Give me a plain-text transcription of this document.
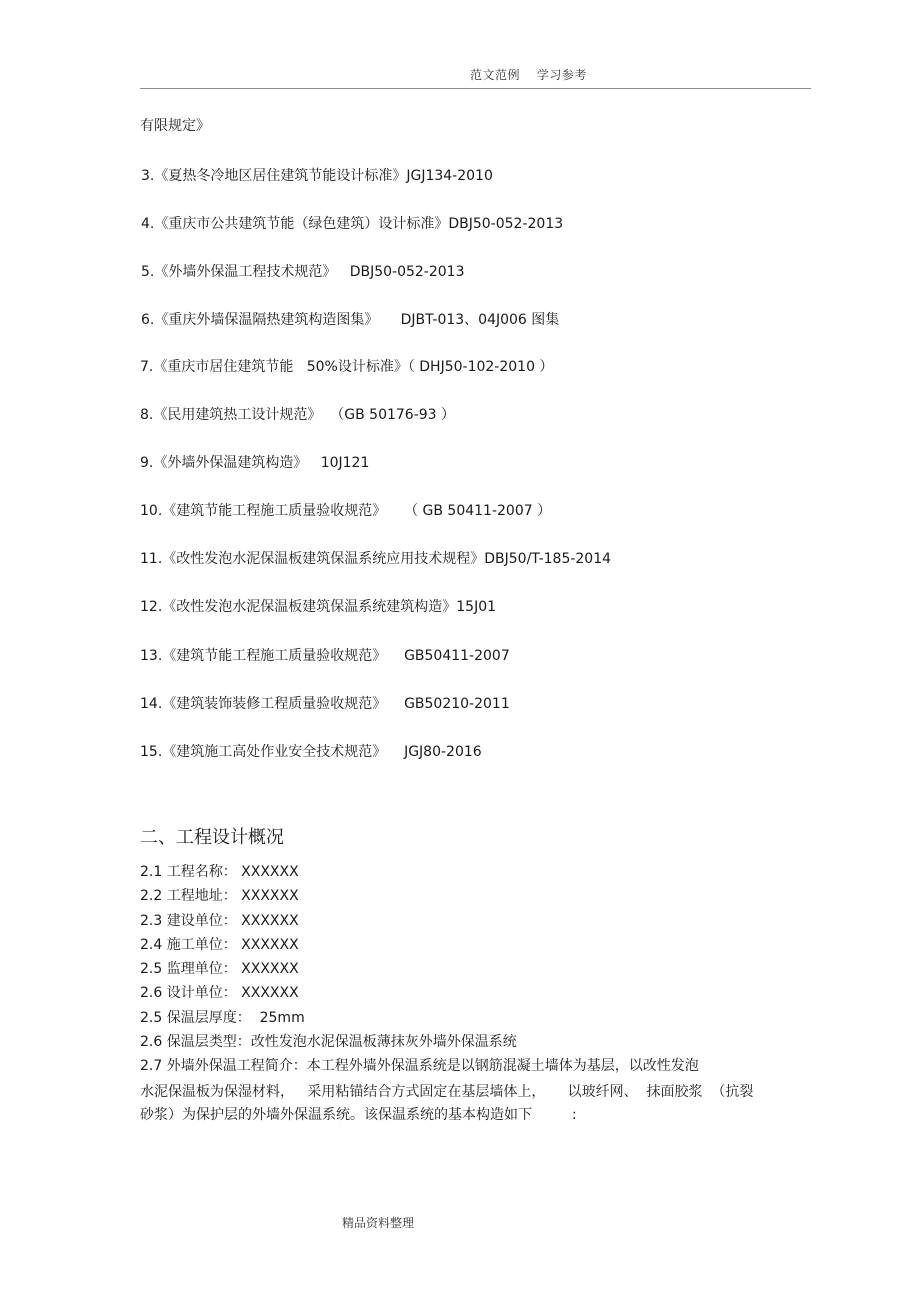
范文范例　 学习参考
有限规定》
3.《夏热冬冷地区居住建筑节能设计标准》JGJ134-2010
4.《重庆市公共建筑节能（绿色建筑）设计标准》DBJ50-052-2013
5.《外墙外保温工程技术规范》   DBJ50-052-2013
6.《重庆外墙保温隔热建筑构造图集》     DJBT-013、04J006 图集
7.《重庆市居住建筑节能   50%设计标准》（ DHJ50-102-2010 ）
8.《民用建筑热工设计规范》  （GB 50176-93 ）
9.《外墙外保温建筑构造》   10J121
10.《建筑节能工程施工质量验收规范》    （ GB 50411-2007 ）
11.《改性发泡水泥保温板建筑保温系统应用技术规程》DBJ50/T-185-2014
12.《改性发泡水泥保温板建筑保温系统建筑构造》15J01
13.《建筑节能工程施工质量验收规范》    GB50411-2007
14.《建筑装饰装修工程质量验收规范》    GB50210-2011
15.《建筑施工高处作业安全技术规范》    JGJ80-2016
二、工程设计概况
2.1 工程名称： XXXXXX
2.2 工程地址： XXXXXX
2.3 建设单位： XXXXXX
2.4 施工单位： XXXXXX
2.5 监理单位： XXXXXX
2.6 设计单位： XXXXXX
2.5 保温层厚度：  25mm
2.6 保温层类型：改性发泡水泥保温板薄抹灰外墙外保温系统
2.7 外墙外保温工程简介：本工程外墙外保温系统是以钢筋混凝土墙体为基层，以改性发泡
水泥保温板为保湿材料，   采用粘锚结合方式固定在基层墙体上，     以玻纤网、  抹面胶浆  （抗裂
砂浆）为保护层的外墙外保温系统。该保温系统的基本构造如下         :
精品资料整理
